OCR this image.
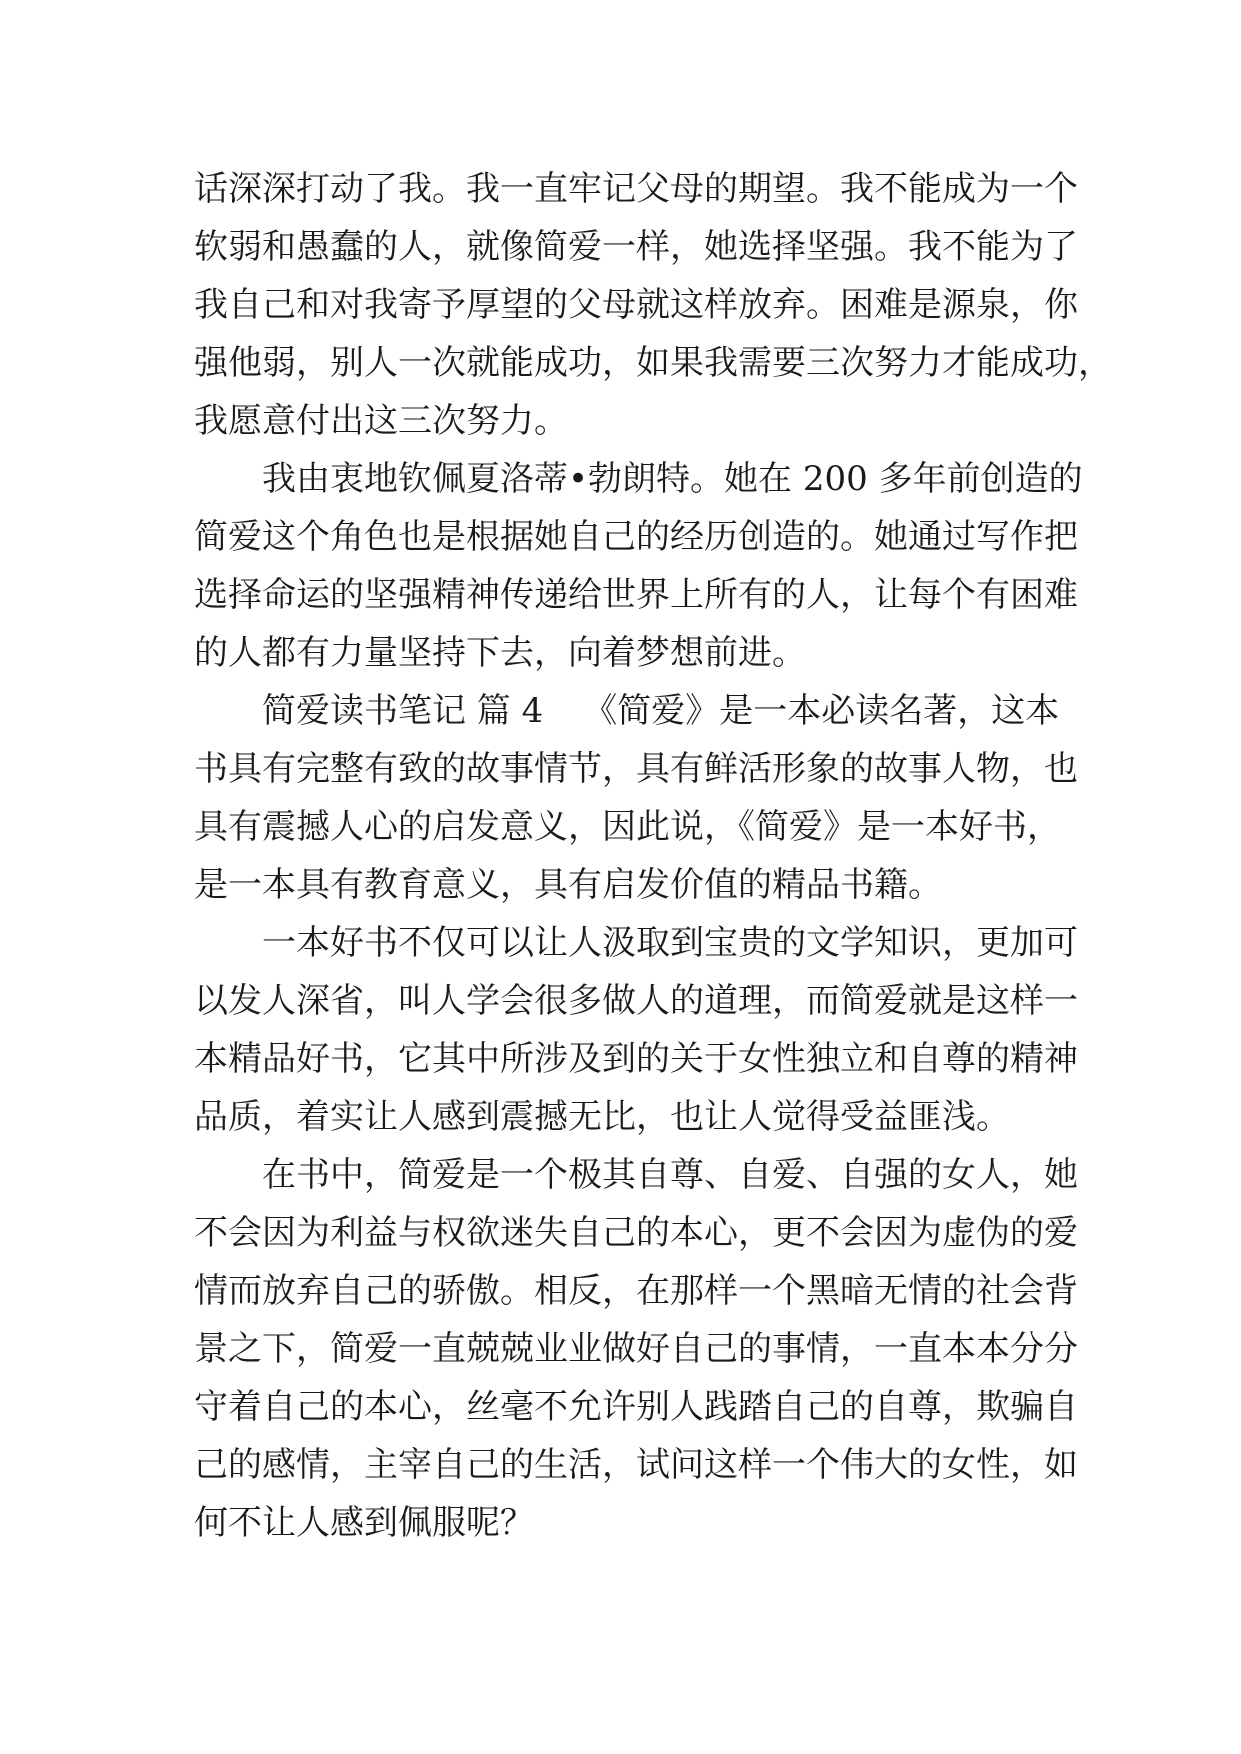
话深深打动了我。我一直牢记父母的期望。我不能成为一个
软弱和愚蠢的人，就像简爱一样，她选择坚强。我不能为了
我自己和对我寄予厚望的父母就这样放弃。困难是源泉，你
强他弱，别人一次就能成功，如果我需要三次努力才能成功，
我愿意付出这三次努力。
我由衷地钦佩夏洛蒂•勃朗特。她在 200 多年前创造的
简爱这个角色也是根据她自己的经历创造的。她通过写作把
选择命运的坚强精神传递给世界上所有的人，让每个有困难
的人都有力量坚持下去，向着梦想前进。
简爱读书笔记 篇 4 《简爱》是一本必读名著，这本
书具有完整有致的故事情节，具有鲜活形象的故事人物，也
具有震撼人心的启发意义，因此说，《简爱》是一本好书，
是一本具有教育意义，具有启发价值的精品书籍。
一本好书不仅可以让人汲取到宝贵的文学知识，更加可
以发人深省，叫人学会很多做人的道理，而简爱就是这样一
本精品好书，它其中所涉及到的关于女性独立和自尊的精神
品质，着实让人感到震撼无比，也让人觉得受益匪浅。
在书中，简爱是一个极其自尊、自爱、自强的女人，她
不会因为利益与权欲迷失自己的本心，更不会因为虚伪的爱
情而放弃自己的骄傲。相反，在那样一个黑暗无情的社会背
景之下，简爱一直兢兢业业做好自己的事情，一直本本分分
守着自己的本心，丝毫不允许别人践踏自己的自尊，欺骗自
己的感情，主宰自己的生活，试问这样一个伟大的女性，如
何不让人感到佩服呢？
